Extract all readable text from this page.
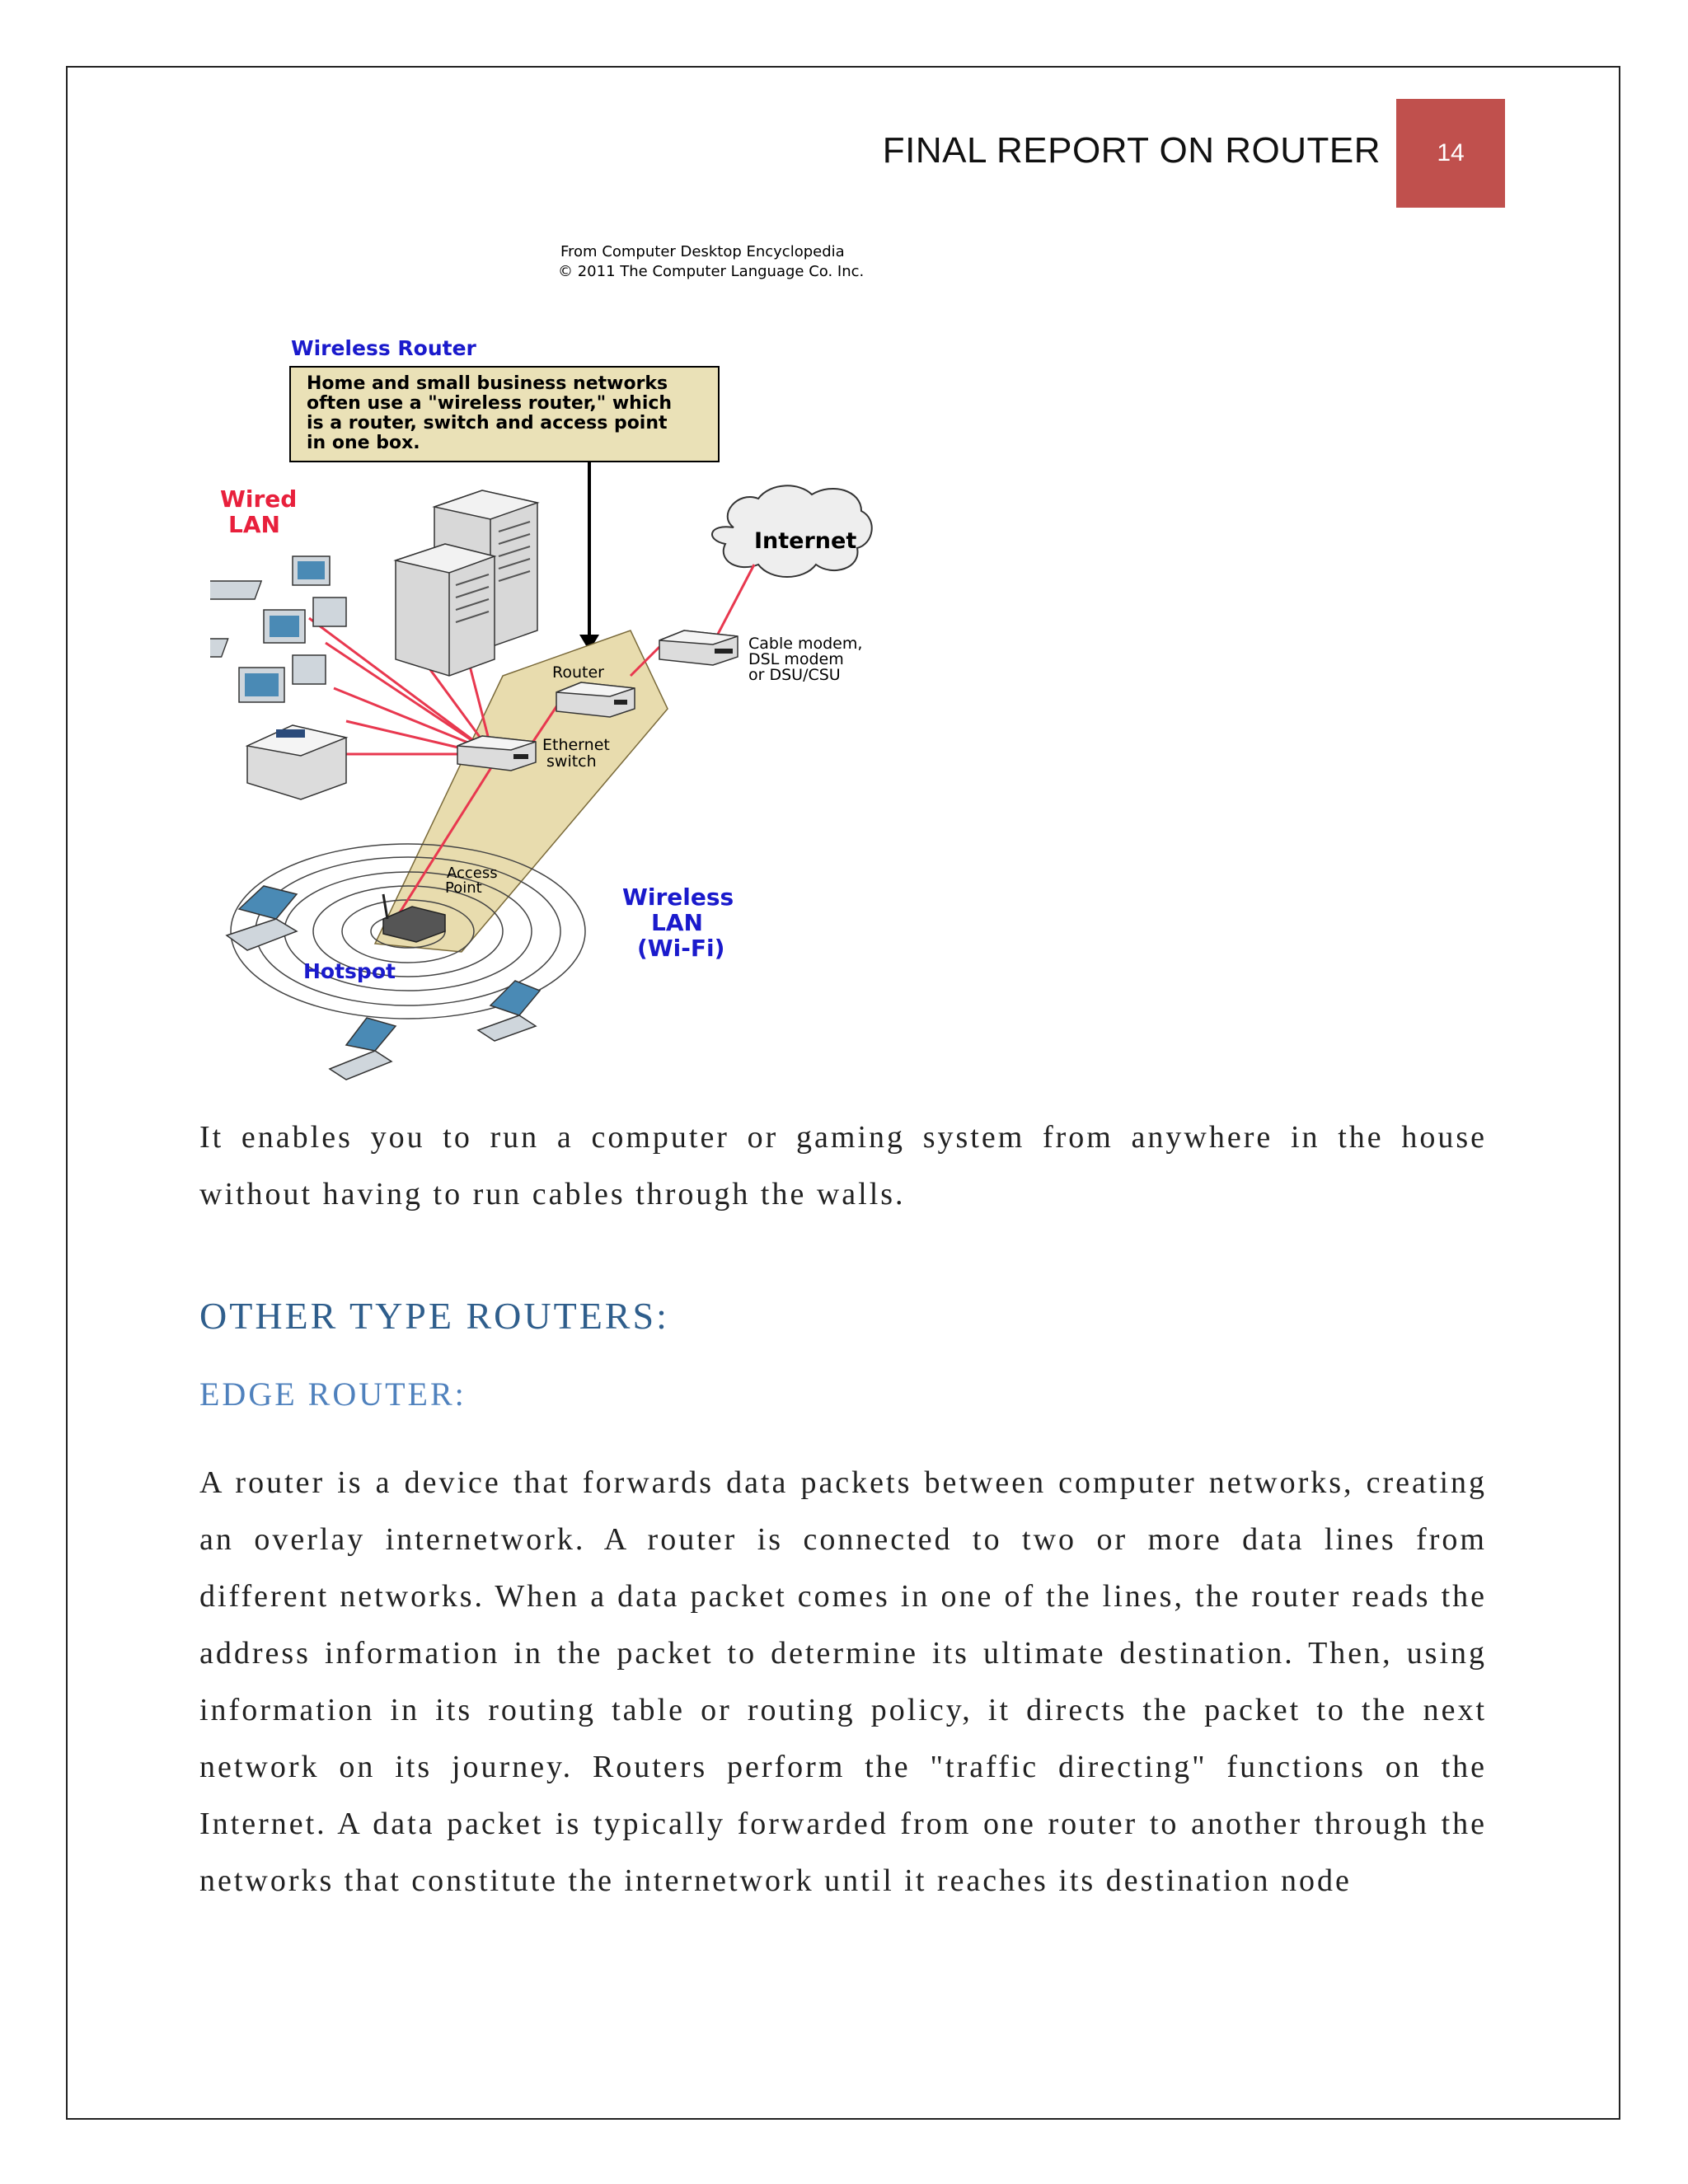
FINAL REPORT ON ROUTER	14
From Computer Desktop Encyclopedia
© 2011 The Computer Language Co. Inc.
Wireless Router
Home and small business networks
often use a "wireless router," which
is a router, switch and access point
in one box.
Wired
LAN
Ethernet
switch
Router
Internet
Cable modem,
DSL modem
or DSU/CSU
Access
Point
Hotspot
Wireless
LAN
(Wi-Fi)

It enables you to run a computer or gaming system from anywhere in the house without having to run cables through the walls.

OTHER TYPE ROUTERS:
EDGE ROUTER:

A router is a device that forwards data packets between computer networks, creating an overlay internetwork. A router is connected to two or more data lines from different networks. When a data packet comes in one of the lines, the router reads the address information in the packet to determine its ultimate destination. Then, using information in its routing table or routing policy, it directs the packet to the next network on its journey. Routers perform the "traffic directing" functions on the Internet. A data packet is typically forwarded from one router to another through the networks that constitute the internetwork until it reaches its destination node
